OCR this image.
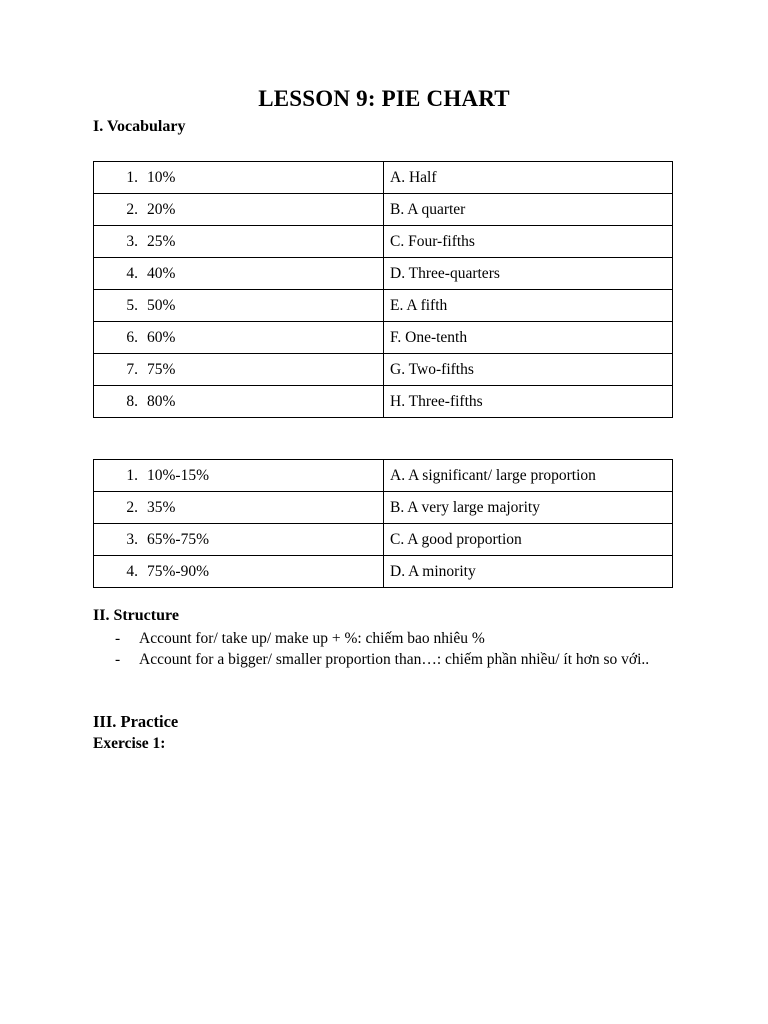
LESSON 9: PIE CHART
I. Vocabulary
1. 10%	A. Half
2. 20%	B. A quarter
3. 25%	C. Four-fifths
4. 40%	D. Three-quarters
5. 50%	E. A fifth
6. 60%	F. One-tenth
7. 75%	G. Two-fifths
8. 80%	H. Three-fifths
1. 10%-15%	A. A significant/ large proportion
2. 35%	B. A very large majority
3. 65%-75%	C. A good proportion
4. 75%-90%	D. A minority
II. Structure
- Account for/ take up/ make up + %: chiếm bao nhiêu %
- Account for a bigger/ smaller proportion than…: chiếm phần nhiều/ ít hơn so với..
III. Practice
Exercise 1:
